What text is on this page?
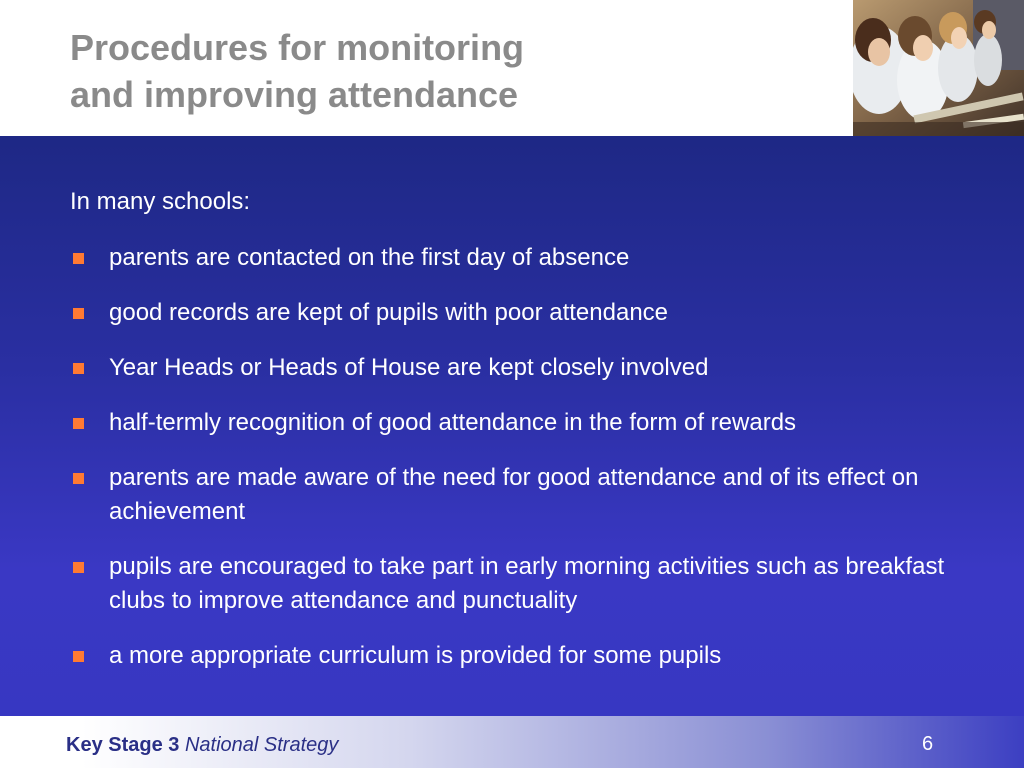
Procedures for monitoring
and improving attendance

In many schools:

parents are contacted on the first day of absence
good records are kept of pupils with poor attendance
Year Heads or Heads of House are kept closely involved
half-termly recognition of good attendance in the form of rewards
parents are made aware of the need for good attendance and of its effect on achievement
pupils are encouraged to take part in early morning activities such as breakfast clubs to improve attendance and punctuality
a more appropriate curriculum is provided for some pupils
Key Stage 3 National Strategy	6
